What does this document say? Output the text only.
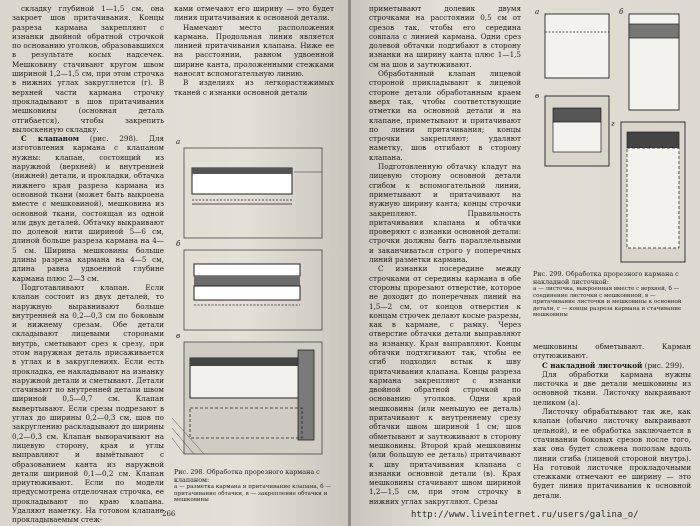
складку глубиной 1—1,5 см, она закроет шов притачивания. Концы разреза кармана закрепляют с изнанки двойной обратной строчкой по основанию уголков, образовавшихся в результате косых надсечек. Мешковину стачивают кругом швом шириной 1,2—1,5 см, при этом строчка в нижних углах закругляется (г). В верхней части кармана строчку прокладывают в шов притачивания мешковины (основная деталь отгибается), чтобы закрепить вылоскенную складку.

С клапаном (рис. 298). Для изготовления кармана с клапаном нужны: клапан, состоящий из наружной (верхней) и внутренней (нижней) детали, и прокладки, обтачка нижнего края разреза кармана из основной ткани (может быть выкроена вместе с мешковиной), мешковина из основной ткани, состоящая из одной или двух деталей. Обтачку выкраивают по долевой нити шириной 5—6 см, длиной больше разреза кармана на 4—5 см. Ширина мешковины больше длины разреза кармана на 4—5 см, длина равна удвоенной глубине кармана плюс 2—3 см.

Подготавливают клапан. Если клапан состоит из двух деталей, то наружную выравнивают больше внутренней на 0,2—0,3 см по боковым и нижнему срезам. Обе детали складывают лицевыми сторонами внутрь, сметывают срез к срезу, при этом наружная деталь присаживается в углах и в закруглениях. Если есть прокладка, ее накладывают на изнанку наружной детали и сметывают. Детали стачивают по внутренней детали швом шириной 0,5—0,7 см. Клапан вывертывают. Если срезы подрезают в углах до ширины 0,2—0,3 см, шов по закруглению раскладывают до ширины 0,2—0,3 см. Клапан выворачивают на лицевую сторону, края и углы выправляют и вымётывают с образованием канта из наружной детали шириной 0,1—0,2 см. Клапан приутюживают. Если по модели предусмотрена отделочная строчка, ее прокладывают по краю клапана. Удаляют наметку. На готовом клапане прокладываемым стеж-

ками отмечают его ширину — это будет линия притачивания к основной детали.

Намечают место расположения кармана. Продольная линия является линией притачивания клапана. Ниже ее на расстоянии, равном удвоенной ширине канта, проложенными стежками наносят вспомогательную линию.

В изделиях из легкорастяжимых тканей с изнанки основной детали

а
б
в
Рис. 298. Обработка прорезного кармана с клапаном:
а — разметка кармана и притачивание клапана, б — притачивание обтачки, в — закрепление обтачки и мешковины
266

приметывают долевик двумя строчками на расстоянии 0,5 см от срезов так, чтобы его середина совпала с линией кармана. Одни срез долевой обтачки подгибают в сторону изнанки на ширину канта плюс 1—1,5 см на шов и заутюживают.

Обработанный клапан лицевой стороной прикладывают к лицевой стороне детали обработанным краем вверх так, чтобы соответствующие отметки на основной детали и на клапане, приметывают и притачивают по линии притачивания; концы строчки закрепляют; удаляют наметку, шов отгибают в сторону клапана.

Подготовленную обтачку кладут на лицевую сторону основной детали сгибом к вспомогательной линии, приметывают и притачивают на нужную ширину канта; концы строчки закрепляют. Правильность притачивания клапана и обтачки проверяют с изнанки основной детали: строчки должны быть параллельными и заканчиваться строго у поперечных линий разметки кармана.

С изнанки посередине между строчками от середины кармана в обе стороны прорезают отверстие, которое не доходит до поперечных линий на 1,5—2 см, от концов отверстия к концам строчек делают косые разрезы, как в кармане, с рамку. Через отверстие обтачки детали выправляют на изнанку. Края выправляют. Концы обтачки подтягивают так, чтобы ее сгиб подходил встык к шву притачивания клапана. Концы разреза кармана закрепляют с изнанки двойной обратной строчкой по основанию уголков. Одни край мешковины (или меньшую ее деталь) притачивают к внутреннему срезу обтачки швом шириной 1 см; шов обметывают и заутюживают в сторону мешковины. Второй край мешковины (или большую ее деталь) притачивают к шву притачивания клапана с изнанки основной детали (в). Края мешковины стачивают швом шириной 1,2—1,5 см, при этом строчку в нижних углах закругляют. Срезы

а	б
в
г
Рис. 299. Обработка прорезного кармана с накладной листочкой:
а — листочка, выкроенная вместе с верхней, б — соединение листочки с мешковиной, в — притачивание листочки и мешковины к основной детали, г — концы разреза кармана и стачивание мешковины

мешковины обметывают. Карман отутюживают.

С накладной листочкой (рис. 299).

Для обработки кармана нужны листочка и две детали мешковины из основной ткани. Листочку выкраивают целиком (а).

Листочку обрабатывают так же, как клапан (обычно листочку выкраивают цельной), и ее обработка заключается в стачивании боковых срезов после того, как она будет сложена пополам вдоль линии сгиба (лицевой стороной внутрь). На готовой листочке прокладочными стежками отмечают ее ширину — это будет линия притачивания к основной детали.

http://www.liveinternet.ru/users/galina_o/
